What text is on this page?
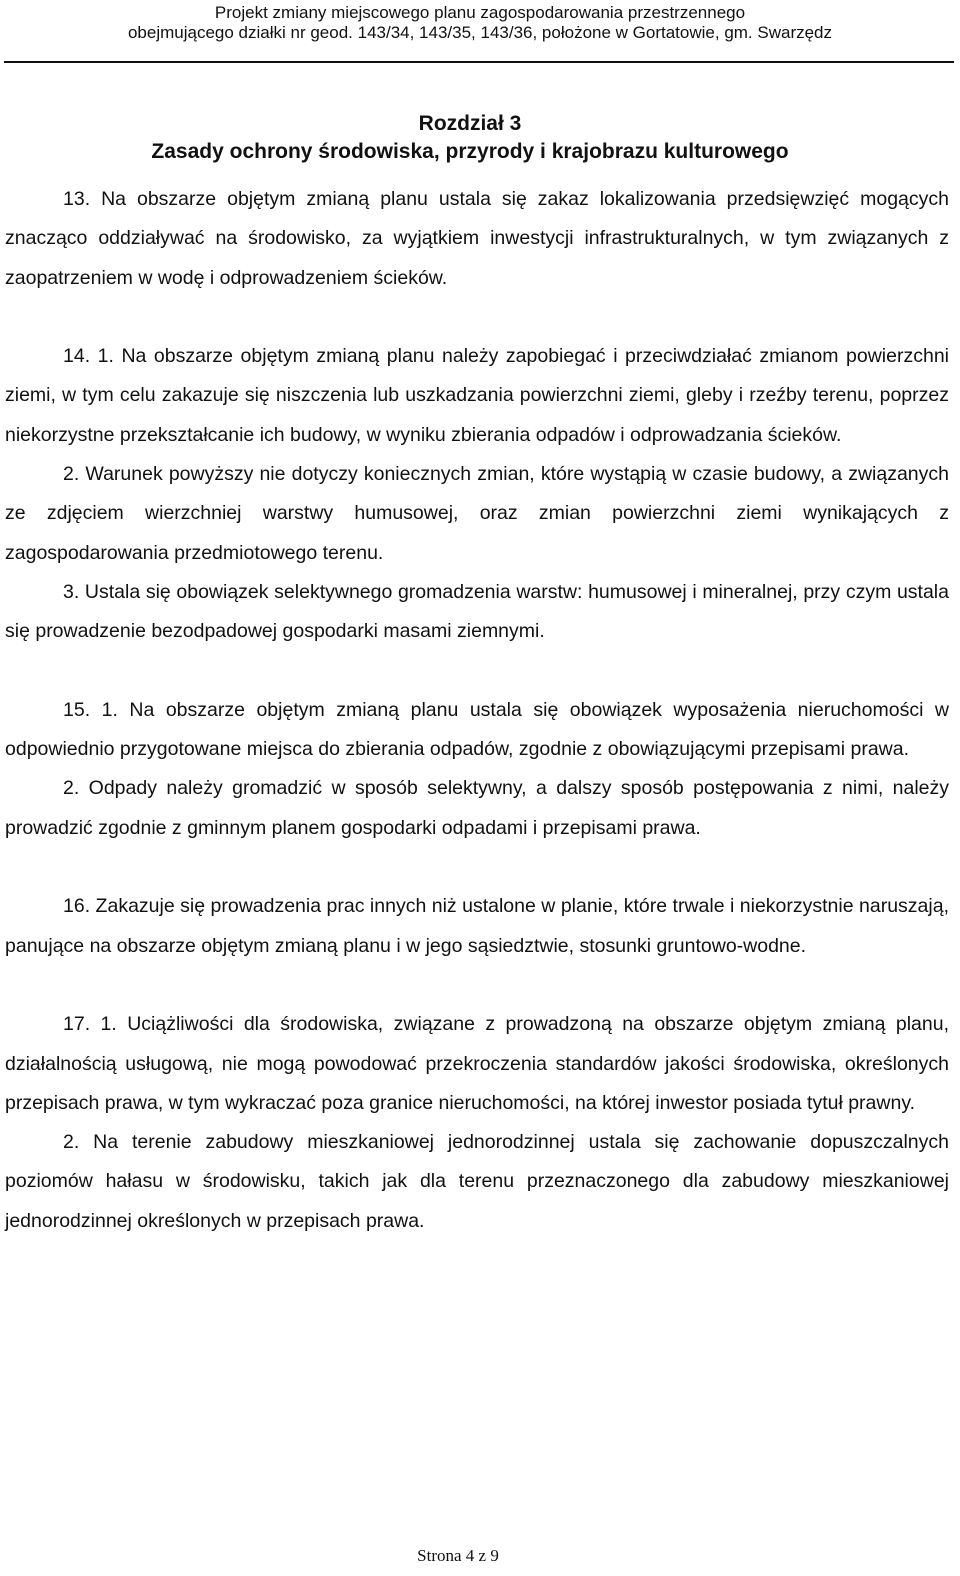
Projekt zmiany miejscowego planu zagospodarowania przestrzennego
obejmującego działki nr geod. 143/34, 143/35, 143/36, położone w Gortatowie, gm. Swarzędz
Rozdział 3
Zasady ochrony środowiska, przyrody i krajobrazu kulturowego

13. Na obszarze objętym zmianą planu ustala się zakaz lokalizowania przedsięwzięć mogących znacząco oddziaływać na środowisko, za wyjątkiem inwestycji infrastrukturalnych, w tym związanych z zaopatrzeniem w wodę i odprowadzeniem ścieków.

14. 1. Na obszarze objętym zmianą planu należy zapobiegać i przeciwdziałać zmianom powierzchni ziemi, w tym celu zakazuje się niszczenia lub uszkadzania powierzchni ziemi, gleby i rzeźby terenu, poprzez niekorzystne przekształcanie ich budowy, w wyniku zbierania odpadów i odprowadzania ścieków.

2. Warunek powyższy nie dotyczy koniecznych zmian, które wystąpią w czasie budowy, a związanych ze zdjęciem wierzchniej warstwy humusowej, oraz zmian powierzchni ziemi wynikających z zagospodarowania przedmiotowego terenu.

3. Ustala się obowiązek selektywnego gromadzenia warstw: humusowej i mineralnej, przy czym ustala się prowadzenie bezodpadowej gospodarki masami ziemnymi.

15. 1. Na obszarze objętym zmianą planu ustala się obowiązek wyposażenia nieruchomości w odpowiednio przygotowane miejsca do zbierania odpadów, zgodnie z obowiązującymi przepisami prawa.

2. Odpady należy gromadzić w sposób selektywny, a dalszy sposób postępowania z nimi, należy prowadzić zgodnie z gminnym planem gospodarki odpadami i przepisami prawa.

16. Zakazuje się prowadzenia prac innych niż ustalone w planie, które trwale i niekorzystnie naruszają, panujące na obszarze objętym zmianą planu i w jego sąsiedztwie, stosunki gruntowo-wodne.

17. 1. Uciążliwości dla środowiska, związane z prowadzoną na obszarze objętym zmianą planu, działalnością usługową, nie mogą powodować przekroczenia standardów jakości środowiska, określonych przepisach prawa, w tym wykraczać poza granice nieruchomości, na której inwestor posiada tytuł prawny.

2. Na terenie zabudowy mieszkaniowej jednorodzinnej ustala się zachowanie dopuszczalnych poziomów hałasu w środowisku, takich jak dla terenu przeznaczonego dla zabudowy mieszkaniowej jednorodzinnej określonych w przepisach prawa.

Strona 4 z 9
